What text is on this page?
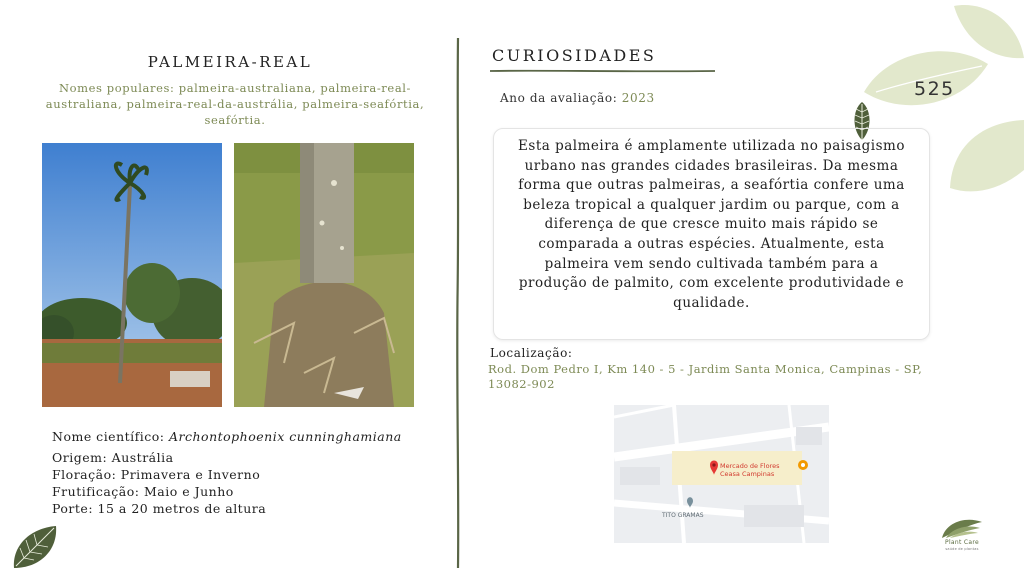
525
PALMEIRA-REAL
Nomes populares: palmeira-australiana, palmeira-real-australiana, palmeira-real-da-austrália, palmeira-seafórtia, seafórtia.
Nome científico: Archontophoenix cunninghamiana
Origem: Austrália
Floração: Primavera e Inverno
Frutificação: Maio e Junho
Porte: 15 a 20 metros de altura
CURIOSIDADES
Ano da avaliação: 2023
Esta palmeira é amplamente utilizada no paisagismo urbano nas grandes cidades brasileiras. Da mesma forma que outras palmeiras, a seafórtia confere uma beleza tropical a qualquer jardim ou parque, com a diferença de que cresce muito mais rápido se comparada a outras espécies. Atualmente, esta palmeira vem sendo cultivada também para a produção de palmito, com excelente produtividade e qualidade.
Localização:
Rod. Dom Pedro I, Km 140 - 5 - Jardim Santa Monica, Campinas - SP, 13082-902
Mercado de Flores
Ceasa Campinas
TITO GRAMAS
Plant Care
saúde de plantas
